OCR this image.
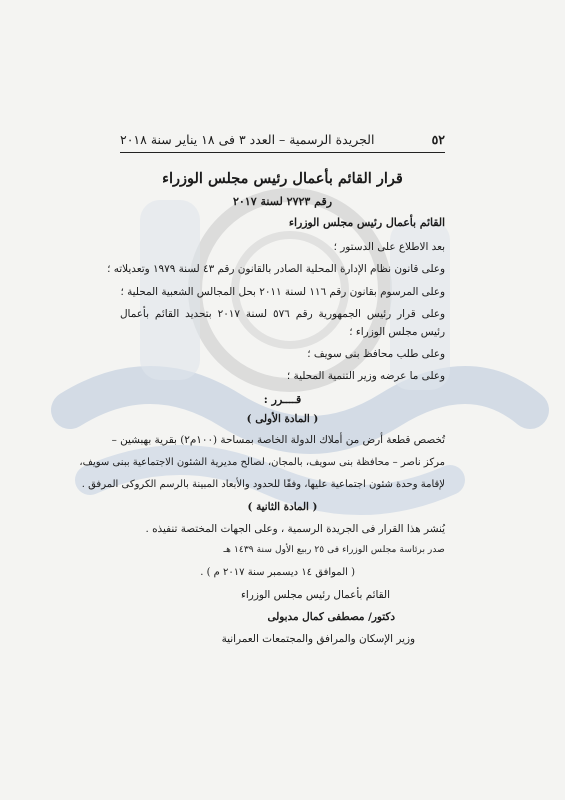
٥٢
الجريدة الرسمية – العدد ٣ فى ١٨ يناير سنة ٢٠١٨
قرار القائم بأعمال رئيس مجلس الوزراء
رقم ٢٧٢٣ لسنة ٢٠١٧
القائم بأعمال رئيس مجلس الوزراء
بعد الاطلاع على الدستور ؛
وعلى قانون نظام الإدارة المحلية الصادر بالقانون رقم ٤٣ لسنة ١٩٧٩ وتعديلاته ؛
وعلى المرسوم بقانون رقم ١١٦ لسنة ٢٠١١ بحل المجالس الشعبية المحلية ؛
وعلى قرار رئيس الجمهورية رقم ٥٧٦ لسنة ٢٠١٧ بتحديد القائم بأعمال
رئيس مجلس الوزراء ؛
وعلى طلب محافظ بنى سويف ؛
وعلى ما عرضه وزير التنمية المحلية ؛
قــــرر :
( المادة الأولى )
تُخصص قطعة أرض من أملاك الدولة الخاصة بمساحة (١٠٠م٢) بقرية بهبشين –
مركز ناصر – محافظة بنى سويف، بالمجان، لصالح مديرية الشئون الاجتماعية ببنى سويف،
لإقامة وحدة شئون اجتماعية عليها، وفقًا للحدود والأبعاد المبينة بالرسم الكروكى المرفق .
( المادة الثانية )
يُنشر هذا القرار فى الجريدة الرسمية ، وعلى الجهات المختصة تنفيذه .
صدر برئاسة مجلس الوزراء فى ٢٥ ربيع الأول سنة ١٤٣٩ هـ
( الموافق ١٤ ديسمبر سنة ٢٠١٧ م ) .
القائم بأعمال رئيس مجلس الوزراء
دكتور/ مصطفى كمال مدبولى
وزير الإسكان والمرافق والمجتمعات العمرانية
